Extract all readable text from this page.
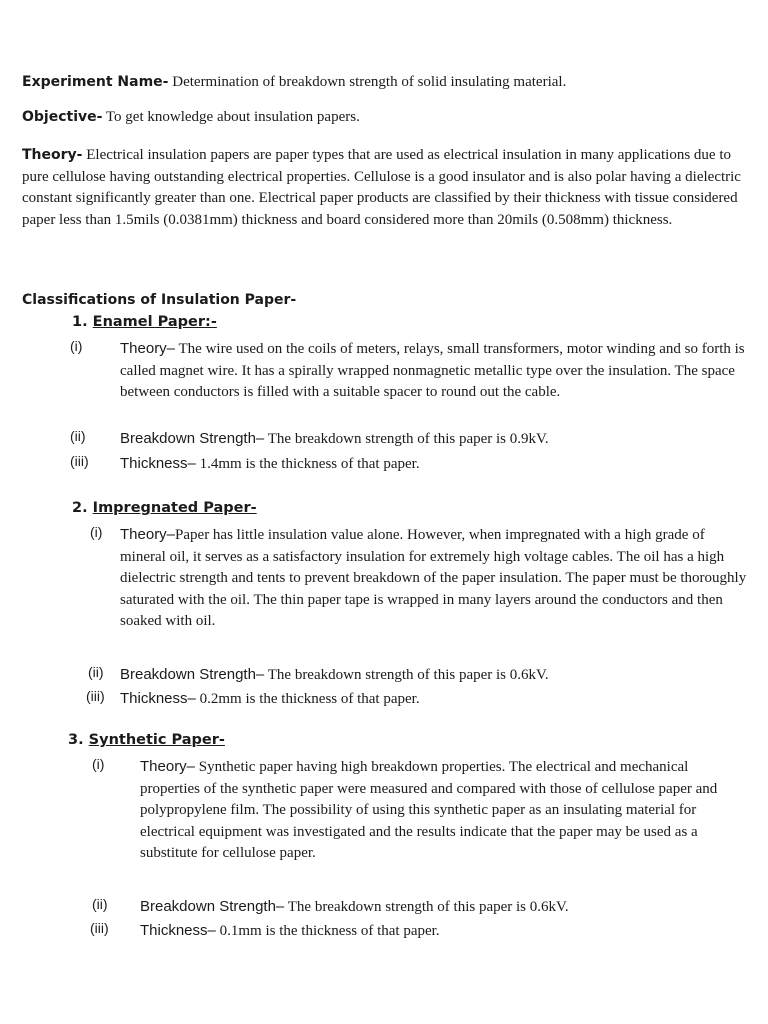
Experiment Name- Determination of breakdown strength of solid insulating material.
Objective- To get knowledge about insulation papers.
Theory- Electrical insulation papers are paper types that are used as electrical insulation in many applications due to pure cellulose having outstanding electrical properties. Cellulose is a good insulator and is also polar having a dielectric constant significantly greater than one. Electrical paper products are classified by their thickness with tissue considered paper less than 1.5mils (0.0381mm) thickness and board considered more than 20mils (0.508mm) thickness.
Classifications of Insulation Paper-
1. Enamel Paper:-
(i)	Theory– The wire used on the coils of meters, relays, small transformers, motor winding and so forth is called magnet wire. It has a spirally wrapped nonmagnetic metallic type over the insulation. The space between conductors is filled with a suitable spacer to round out the cable.
(ii) Breakdown Strength– The breakdown strength of this paper is 0.9kV.
(iii) Thickness– 1.4mm is the thickness of that paper.
2. Impregnated Paper-
(i) Theory–Paper has little insulation value alone. However, when impregnated with a high grade of mineral oil, it serves as a satisfactory insulation for extremely high voltage cables. The oil has a high dielectric strength and tents to prevent breakdown of the paper insulation. The paper must be thoroughly saturated with the oil. The thin paper tape is wrapped in many layers around the conductors and then soaked with oil.
(ii) Breakdown Strength– The breakdown strength of this paper is 0.6kV.
(iii) Thickness– 0.2mm is the thickness of that paper.
3. Synthetic Paper-
(i) Theory– Synthetic paper having high breakdown properties. The electrical and mechanical properties of the synthetic paper were measured and compared with those of cellulose paper and polypropylene film. The possibility of using this synthetic paper as an insulating material for electrical equipment was investigated and the results indicate that the paper may be used as a substitute for cellulose paper.
(ii) Breakdown Strength– The breakdown strength of this paper is 0.6kV.
(iii) Thickness– 0.1mm is the thickness of that paper.
